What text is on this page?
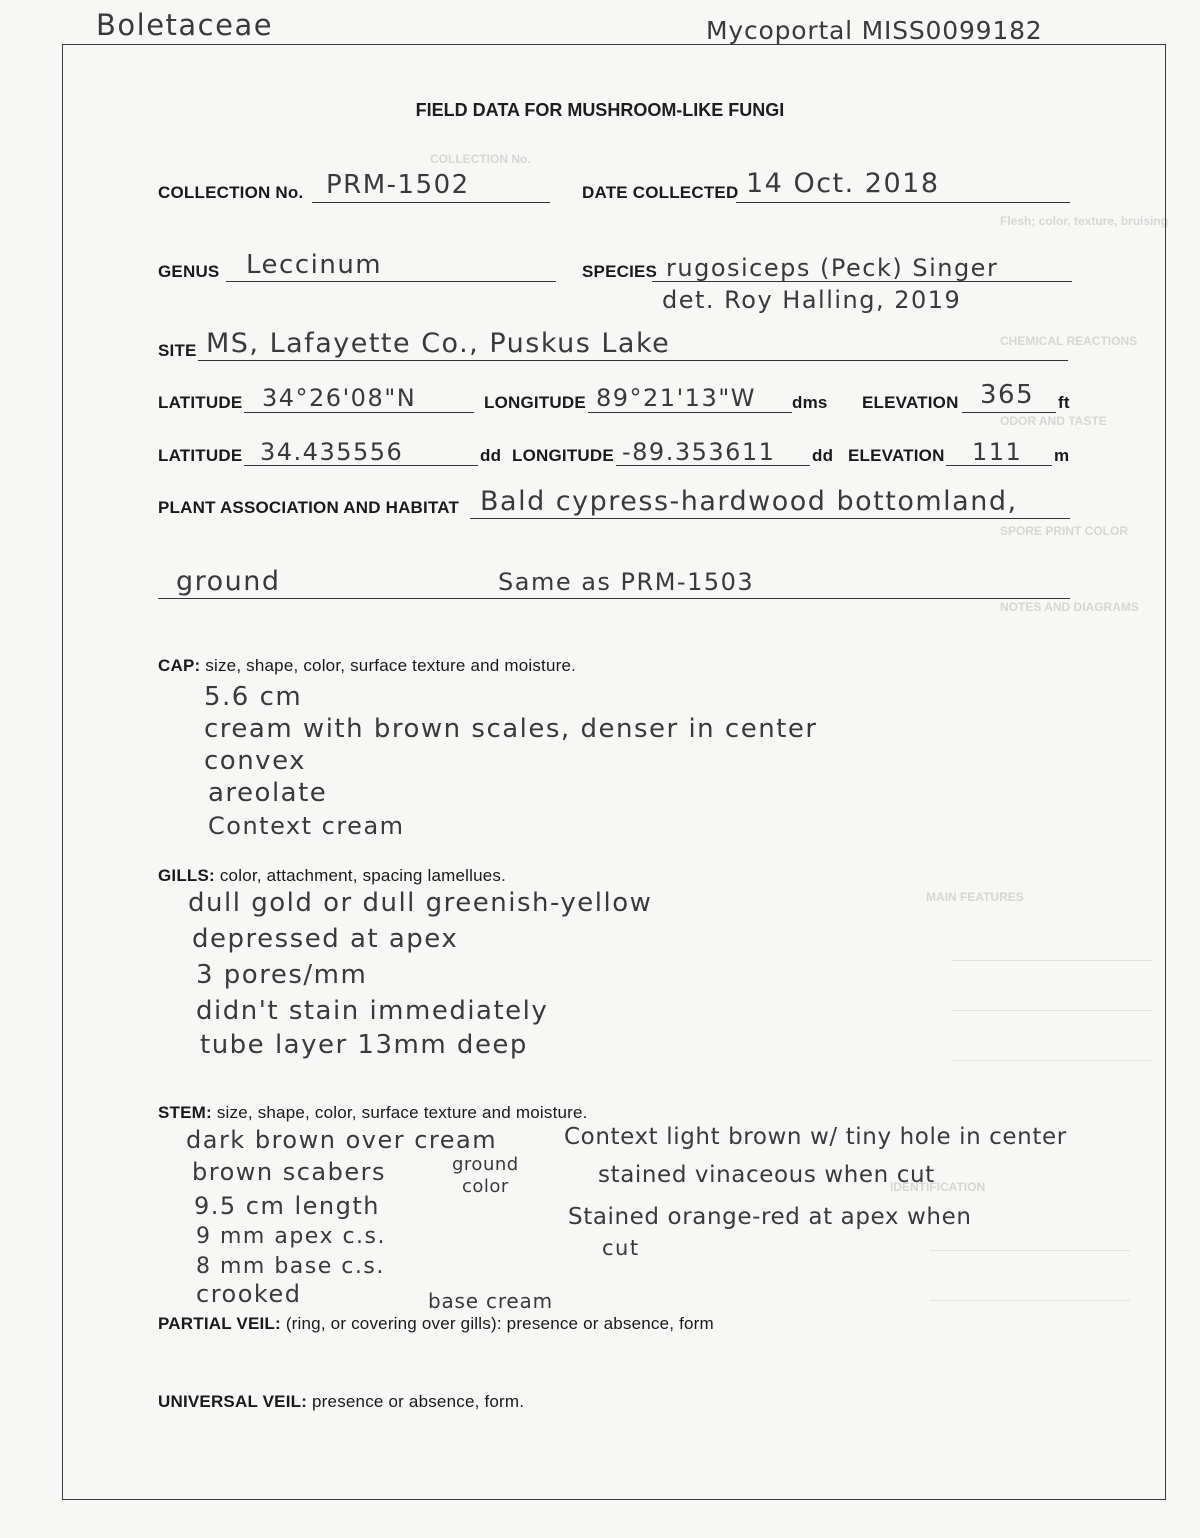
COLLECTION No.
Flesh; color, texture, bruising
CHEMICAL REACTIONS
ODOR AND TASTE
SPORE PRINT COLOR
NOTES AND DIAGRAMS
MAIN FEATURES
IDENTIFICATION
Boletaceae	Mycoportal MISS0099182
FIELD DATA FOR MUSHROOM-LIKE FUNGI
COLLECTION No. PRM-1502	DATE COLLECTED 14 Oct. 2018
GENUS Leccinum	SPECIES rugosiceps (Peck) Singer
det. Roy Halling, 2019
SITE MS, Lafayette Co., Puskus Lake
LATITUDE 34°26'08"N	LONGITUDE 89°21'13"W dms ELEVATION 365 ft
LATITUDE 34.435556	dd LONGITUDE -89.353611 dd ELEVATION 111 m
PLANT ASSOCIATION AND HABITAT Bald cypress-hardwood bottomland,
ground	Same as PRM-1503
CAP: size, shape, color, surface texture and moisture.
5.6 cm
cream with brown scales, denser in center
convex
areolate
Context cream
GILLS: color, attachment, spacing lamellues.
dull gold or dull greenish-yellow
depressed at apex
3 pores/mm
didn't stain immediately
tube layer 13mm deep
STEM: size, shape, color, surface texture and moisture.
dark brown over cream
brown scabers
9.5 cm length
9 mm apex c.s.
8 mm base c.s.
crooked
ground
color
base cream
Context light brown w/ tiny hole in center
stained vinaceous when cut
Stained orange-red at apex when
cut
PARTIAL VEIL: (ring, or covering over gills): presence or absence, form
UNIVERSAL VEIL: presence or absence, form.
